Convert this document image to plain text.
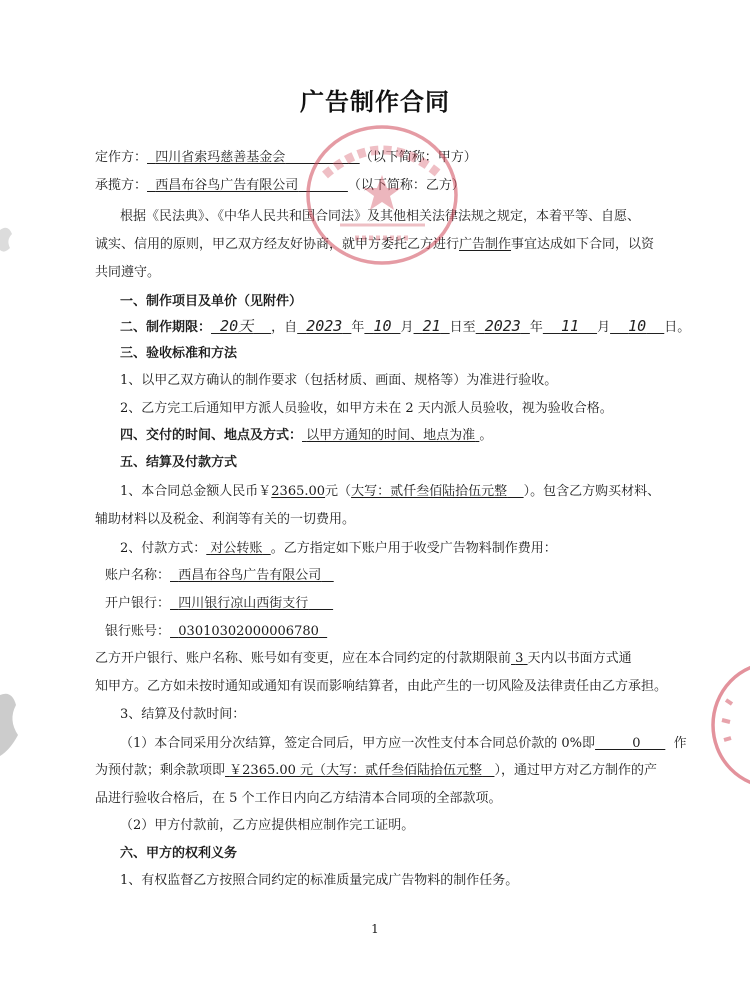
广告制作合同
定作方： 四川省索玛慈善基金会	（以下简称：甲方）
承揽方： 西昌布谷鸟广告有限公司	（以下简称：乙方）
根据《民法典》、《中华人民共和国合同法》及其他相关法律法规之规定，本着平等、自愿、
诚实、信用的原则，甲乙双方经友好协商，就甲方委托乙方进行广告制作事宜达成如下合同，以资
共同遵守。
一、制作项目及单价（见附件）
二、制作期限： 20天 ，自 2023 年 10 月 21 日至 2023 年 11 月 10 日。
三、验收标准和方法
1、以甲乙双方确认的制作要求（包括材质、画面、规格等）为准进行验收。
2、乙方完工后通知甲方派人员验收，如甲方未在 2 天内派人员验收，视为验收合格。
四、交付的时间、地点及方式： 以甲方通知的时间、地点为准 。
五、结算及付款方式
1、本合同总金额人民币￥2365.00元（大写：贰仟叁佰陆拾伍元整 ）。包含乙方购买材料、
辅助材料以及税金、利润等有关的一切费用。
2、付款方式： 对公转账 。乙方指定如下账户用于收受广告物料制作费用：
账户名称： 西昌布谷鸟广告有限公司
开户银行： 四川银行凉山西街支行
银行账号： 03010302000006780
乙方开户银行、账户名称、账号如有变更，应在本合同约定的付款期限前 3 天内以书面方式通
知甲方。乙方如未按时通知或通知有误而影响结算者，由此产生的一切风险及法律责任由乙方承担。
3、结算及付款时间：
（1）本合同采用分次结算，签定合同后，甲方应一次性支付本合同总价款的 0%即	0	作
为预付款；剩余款项即 ￥2365.00 元（大写：贰仟叁佰陆拾伍元整 ），通过甲方对乙方制作的产
品进行验收合格后，在 5 个工作日内向乙方结清本合同项的全部款项。
（2）甲方付款前，乙方应提供相应制作完工证明。
六、甲方的权利义务
1、有权监督乙方按照合同约定的标准质量完成广告物料的制作任务。
1
